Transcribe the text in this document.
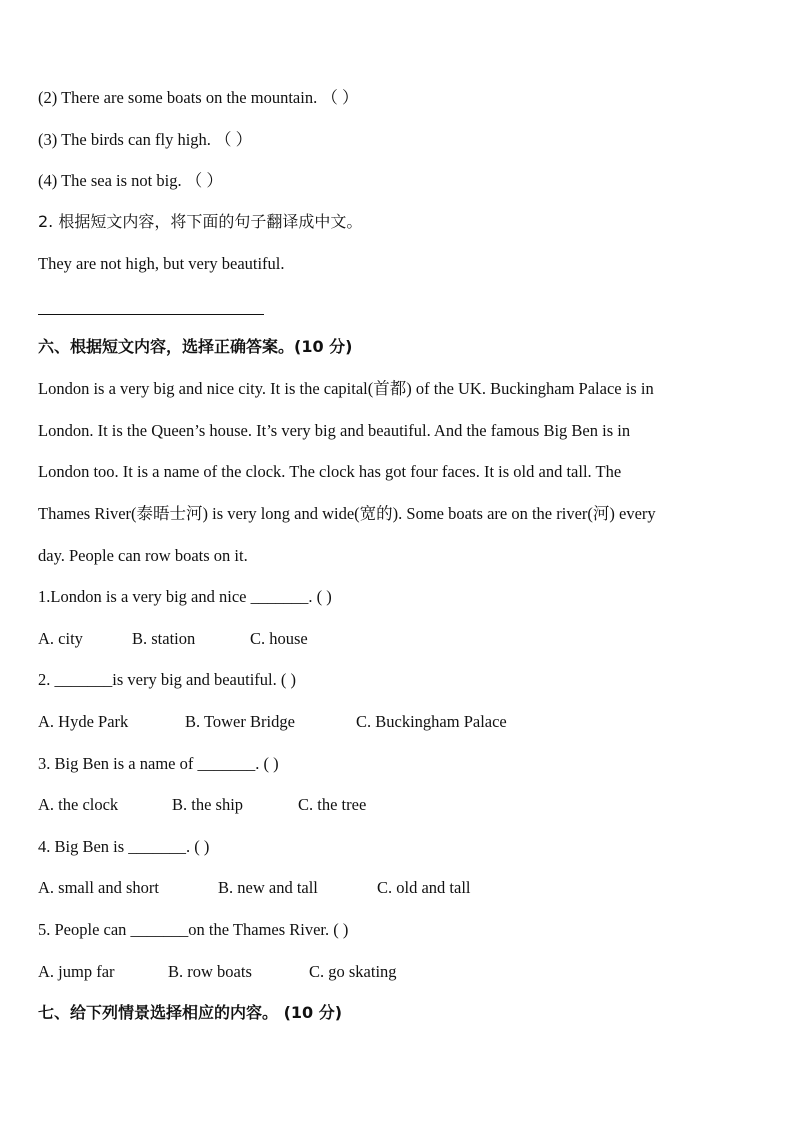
(2) There are some boats on the mountain. （ ）
(3) The birds can fly high. （ ）
(4) The sea is not big. （ ）
2. 根据短文内容，将下面的句子翻译成中文。
They are not high, but very beautiful.
六、根据短文内容，选择正确答案。(10 分)
London is a very big and nice city. It is the capital(首都) of the UK. Buckingham Palace is in
London. It is the Queen’s house. It’s very big and beautiful. And the famous Big Ben is in
London too. It is a name of the clock. The clock has got four faces. It is old and tall. The
Thames River(泰晤士河) is very long and wide(宽的). Some boats are on the river(河) every
day. People can row boats on it.
1.London is a very big and nice _______. ( )
A. city	B. station	C. house
2. _______is very big and beautiful. ( )
A. Hyde Park	B. Tower Bridge	C. Buckingham Palace
3. Big Ben is a name of _______. ( )
A. the clock	B. the ship	C. the tree
4. Big Ben is _______. ( )
A. small and short	B. new and tall	C. old and tall
5. People can _______on the Thames River. ( )
A. jump far	B. row boats	C. go skating
七、给下列情景选择相应的内容。 (10 分)
